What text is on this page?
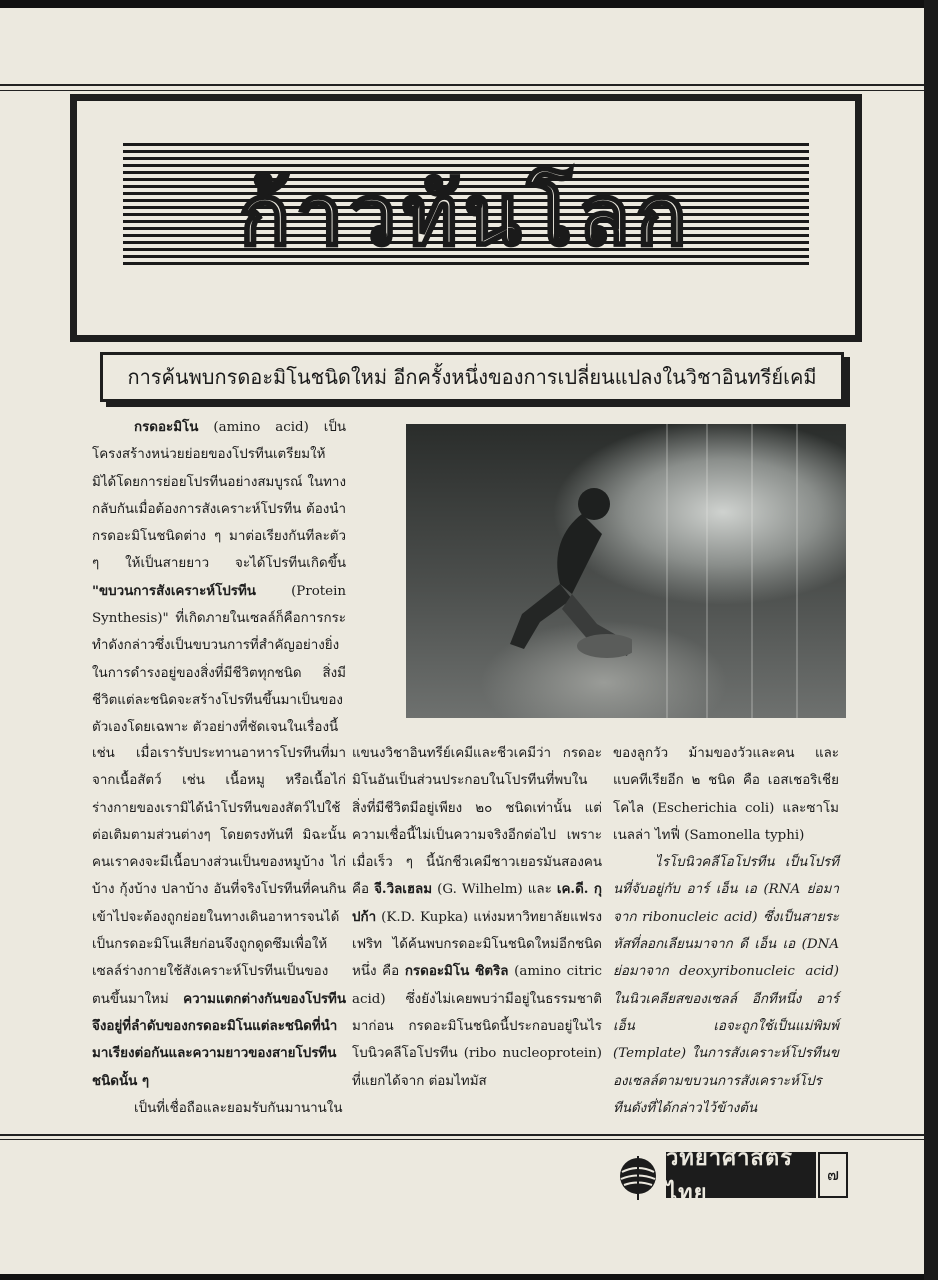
ก้าวทันโลก
การค้นพบกรดอะมิโนชนิดใหม่ อีกครั้งหนึ่งของการเปลี่ยนแปลงในวิชาอินทรีย์เคมี

กรดอะมิโน (amino acid) เป็นโครงสร้างหน่วยย่อยของโปรทีนเตรียมให้มิได้โดยการย่อยโปรทีนอย่างสมบูรณ์ ในทางกลับกันเมื่อต้องการสังเคราะห์โปรทีน ต้องนำกรดอะมิโนชนิดต่าง ๆ มาต่อเรียงกันทีละตัว ๆ ให้เป็นสายยาว จะได้โปรทีนเกิดขึ้น "ขบวนการสังเคราะห์โปรทีน (Protein Synthesis)" ที่เกิดภายในเซลล์ก็คือการกระทำดังกล่าวซึ่งเป็นขบวนการที่สำคัญอย่างยิ่งในการดำรงอยู่ของสิ่งที่มีชีวิตทุกชนิด สิ่งมีชีวิตแต่ละชนิดจะสร้างโปรทีนขึ้นมาเป็นของตัวเองโดยเฉพาะ ตัวอย่างที่ชัดเจนในเรื่องนี้

เช่น เมื่อเรารับประทานอาหารโปรทีนที่มาจากเนื้อสัตว์ เช่น เนื้อหมู หรือเนื้อไก่ ร่างกายของเรามิได้นำโปรทีนของสัตว์ไปใช้ต่อเติมตามส่วนต่างๆ โดยตรงทันที มิฉะนั้นคนเราคงจะมีเนื้อบางส่วนเป็นของหมูบ้าง ไก่บ้าง กุ้งบ้าง ปลาบ้าง อันที่จริงโปรทีนที่คนกินเข้าไปจะต้องถูกย่อยในทางเดินอาหารจนได้เป็นกรดอะมิโนเสียก่อนจึงถูกดูดซึมเพื่อให้เซลล์ร่างกายใช้สังเคราะห์โปรทีนเป็นของตนขึ้นมาใหม่ ความแตกต่างกันของโปรทีน จึงอยู่ที่ลำดับของกรดอะมิโนแต่ละชนิดที่นำมาเรียงต่อกันและความยาวของสายโปรทีนชนิดนั้น ๆ

เป็นที่เชื่อถือและยอมรับกันมานานใน

แขนงวิชาอินทรีย์เคมีและชีวเคมีว่า กรดอะมิโนอันเป็นส่วนประกอบในโปรทีนที่พบในสิ่งที่มีชีวิตมีอยู่เพียง ๒๐ ชนิดเท่านั้น แต่ความเชื่อนี้ไม่เป็นความจริงอีกต่อไป เพราะเมื่อเร็ว ๆ นี้นักชีวเคมีชาวเยอรมันสองคน คือ จี.วิลเฮลม (G. Wilhelm) และ เค.ดี. กุปก้า (K.D. Kupka) แห่งมหาวิทยาลัยแฟรงเฟริท ได้ค้นพบกรดอะมิโนชนิดใหม่อีกชนิดหนึ่ง คือ กรดอะมิโน ซิตริล (amino citric acid) ซึ่งยังไม่เคยพบว่ามีอยู่ในธรรมชาติมาก่อน กรดอะมิโนชนิดนี้ประกอบอยู่ในไรโบนิวคลีโอโปรทีน (ribo nucleoprotein) ที่แยกได้จาก ต่อมไทมัส

ของลูกวัว ม้ามของวัวและคน และแบคทีเรียอีก ๒ ชนิด คือ เอสเชอริเชีย โคไล (Escherichia coli) และซาโมเนลล่า ไทฟี่ (Samonella typhi)

ไรโบนิวคลีโอโปรทีน เป็นโปรทีนที่จับอยู่กับ อาร์ เอ็น เอ (RNA ย่อมาจาก ribonucleic acid) ซึ่งเป็นสายระหัสที่ลอกเลียนมาจาก ดี เอ็น เอ (DNA ย่อมาจาก deoxyribonucleic acid) ในนิวเคลียสของเซลล์ อีกทีหนึ่ง อาร์ เอ็น เอจะถูกใช้เป็นแม่พิมพ์ (Template) ในการสังเคราะห์โปรทีนของเซลล์ตามขบวนการสังเคราะห์โปรทีนดังที่ได้กล่าวไว้ข้างต้น

วิทยาศาสตร์ไทย
๗
